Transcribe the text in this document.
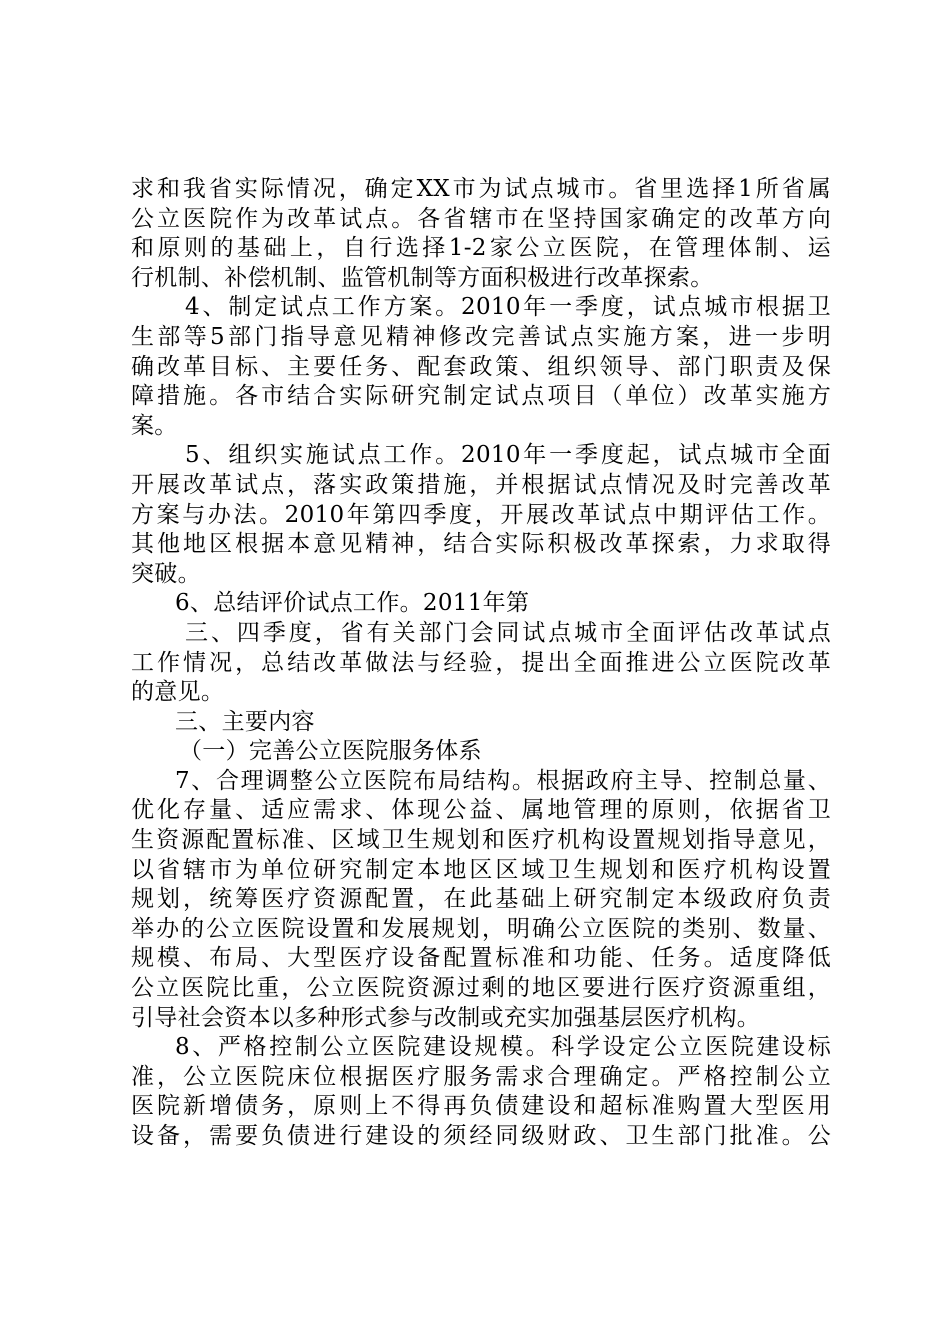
求和我省实际情况，确定XX市为试点城市。省里选择1所省属
公立医院作为改革试点。各省辖市在坚持国家确定的改革方向
和原则的基础上，自行选择1-2家公立医院，在管理体制、运
行机制、补偿机制、监管机制等方面积极进行改革探索。
4、制定试点工作方案。2010年一季度，试点城市根据卫
生部等5部门指导意见精神修改完善试点实施方案，进一步明
确改革目标、主要任务、配套政策、组织领导、部门职责及保
障措施。各市结合实际研究制定试点项目（单位）改革实施方
案。
5、组织实施试点工作。2010年一季度起，试点城市全面
开展改革试点，落实政策措施，并根据试点情况及时完善改革
方案与办法。2010年第四季度，开展改革试点中期评估工作。
其他地区根据本意见精神，结合实际积极改革探索，力求取得
突破。
6、总结评价试点工作。2011年第
三、四季度，省有关部门会同试点城市全面评估改革试点
工作情况，总结改革做法与经验，提出全面推进公立医院改革
的意见。
三、主要内容
（一）完善公立医院服务体系
7、合理调整公立医院布局结构。根据政府主导、控制总量、
优化存量、适应需求、体现公益、属地管理的原则，依据省卫
生资源配置标准、区域卫生规划和医疗机构设置规划指导意见，
以省辖市为单位研究制定本地区区域卫生规划和医疗机构设置
规划，统筹医疗资源配置，在此基础上研究制定本级政府负责
举办的公立医院设置和发展规划，明确公立医院的类别、数量、
规模、布局、大型医疗设备配置标准和功能、任务。适度降低
公立医院比重，公立医院资源过剩的地区要进行医疗资源重组，
引导社会资本以多种形式参与改制或充实加强基层医疗机构。
8、严格控制公立医院建设规模。科学设定公立医院建设标
准，公立医院床位根据医疗服务需求合理确定。严格控制公立
医院新增债务，原则上不得再负债建设和超标准购置大型医用
设备，需要负债进行建设的须经同级财政、卫生部门批准。公
